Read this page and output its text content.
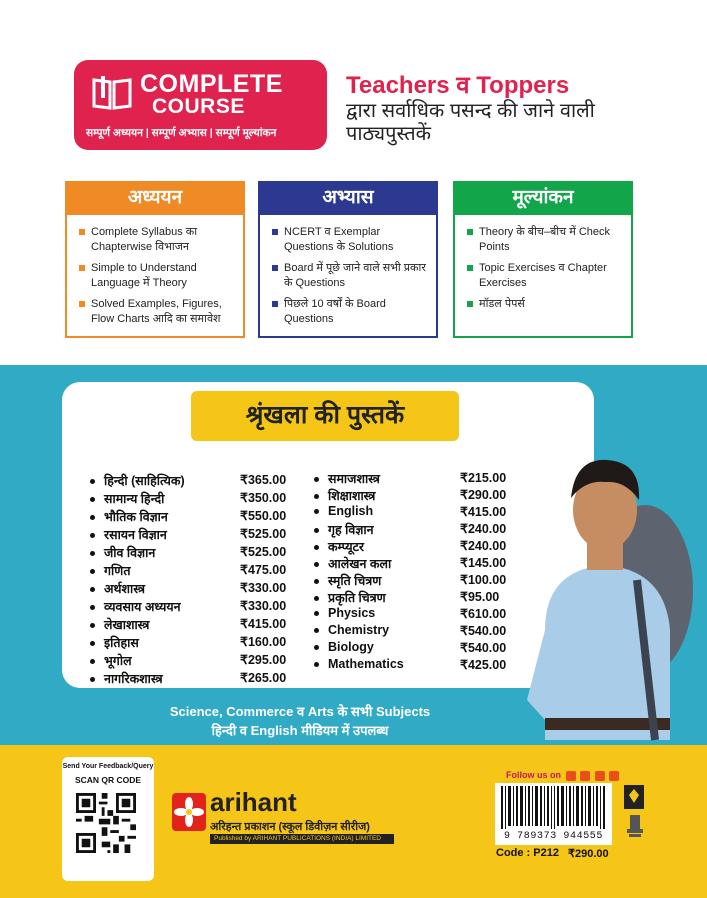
COMPLETE
COURSE
सम्पूर्ण अध्ययन | सम्पूर्ण अभ्यास | सम्पूर्ण मूल्यांकन
Teachers व Toppers
द्वारा सर्वाधिक पसन्द की जाने वाली पाठ्यपुस्तकें
अध्ययन
Complete Syllabus का Chapterwise विभाजन
Simple to Understand Language में Theory
Solved Examples, Figures, Flow Charts आदि का समावेश
अभ्यास
NCERT व Exemplar Questions के Solutions
Board में पूछे जाने वाले सभी प्रकार के Questions
पिछले 10 वर्षों के Board Questions
मूल्यांकन
Theory के बीच–बीच में Check Points
Topic Exercises व Chapter Exercises
मॉडल पेपर्स
श्रृंखला की पुस्तकें
हिन्दी (साहित्यिक)	₹365.00
सामान्य हिन्दी	₹350.00
भौतिक विज्ञान	₹550.00
रसायन विज्ञान	₹525.00
जीव विज्ञान	₹525.00
गणित	₹475.00
अर्थशास्त्र	₹330.00
व्यवसाय अध्ययन	₹330.00
लेखाशास्त्र	₹415.00
इतिहास	₹160.00
भूगोल	₹295.00
नागरिकशास्त्र	₹265.00
समाजशास्त्र	₹215.00
शिक्षाशास्त्र	₹290.00
English	₹415.00
गृह विज्ञान	₹240.00
कम्प्यूटर	₹240.00
आलेखन कला	₹145.00
स्मृति चित्रण	₹100.00
प्रकृति चित्रण	₹95.00
Physics	₹610.00
Chemistry	₹540.00
Biology	₹540.00
Mathematics	₹425.00
Science, Commerce व Arts के सभी Subjects
हिन्दी व English मीडियम में उपलब्ध
Send Your Feedback/Query
SCAN QR CODE
arihant
अरिहन्त प्रकाशन (स्कूल डिवीज़न सीरीज)
Published by ARIHANT PUBLICATIONS (INDIA) LIMITED
Follow us on
9 789373 944555
Code : P212 ₹290.00
